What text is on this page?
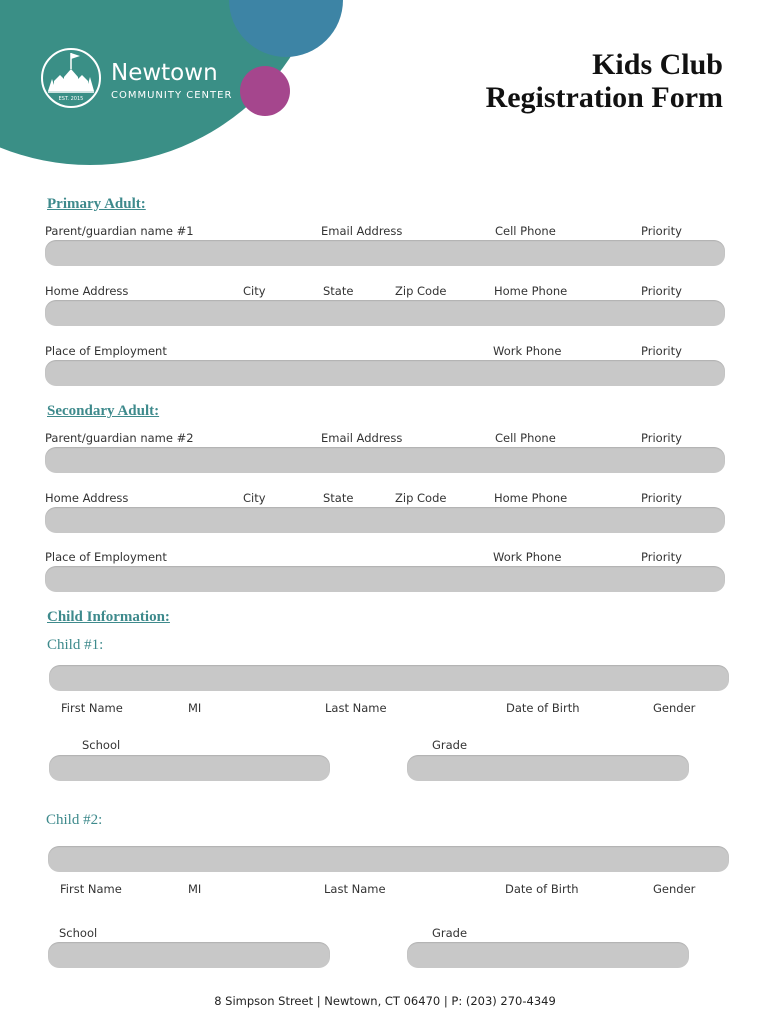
EST. 2015
Newtown
COMMUNITY CENTER
Kids Club
Registration Form
Primary Adult:
Parent/guardian name #1	Email Address	Cell Phone	Priority
Home Address	City	State	Zip Code	Home Phone	Priority
Place of Employment	Work Phone	Priority
Secondary Adult:
Parent/guardian name #2	Email Address	Cell Phone	Priority
Home Address	City	State	Zip Code	Home Phone	Priority
Place of Employment	Work Phone	Priority
Child Information:
Child #1:
First Name	MI	Last Name	Date of Birth	Gender
School	Grade
Child #2:
First Name	MI	Last Name	Date of Birth	Gender
School	Grade
8 Simpson Street | Newtown, CT 06470 | P: (203) 270-4349
